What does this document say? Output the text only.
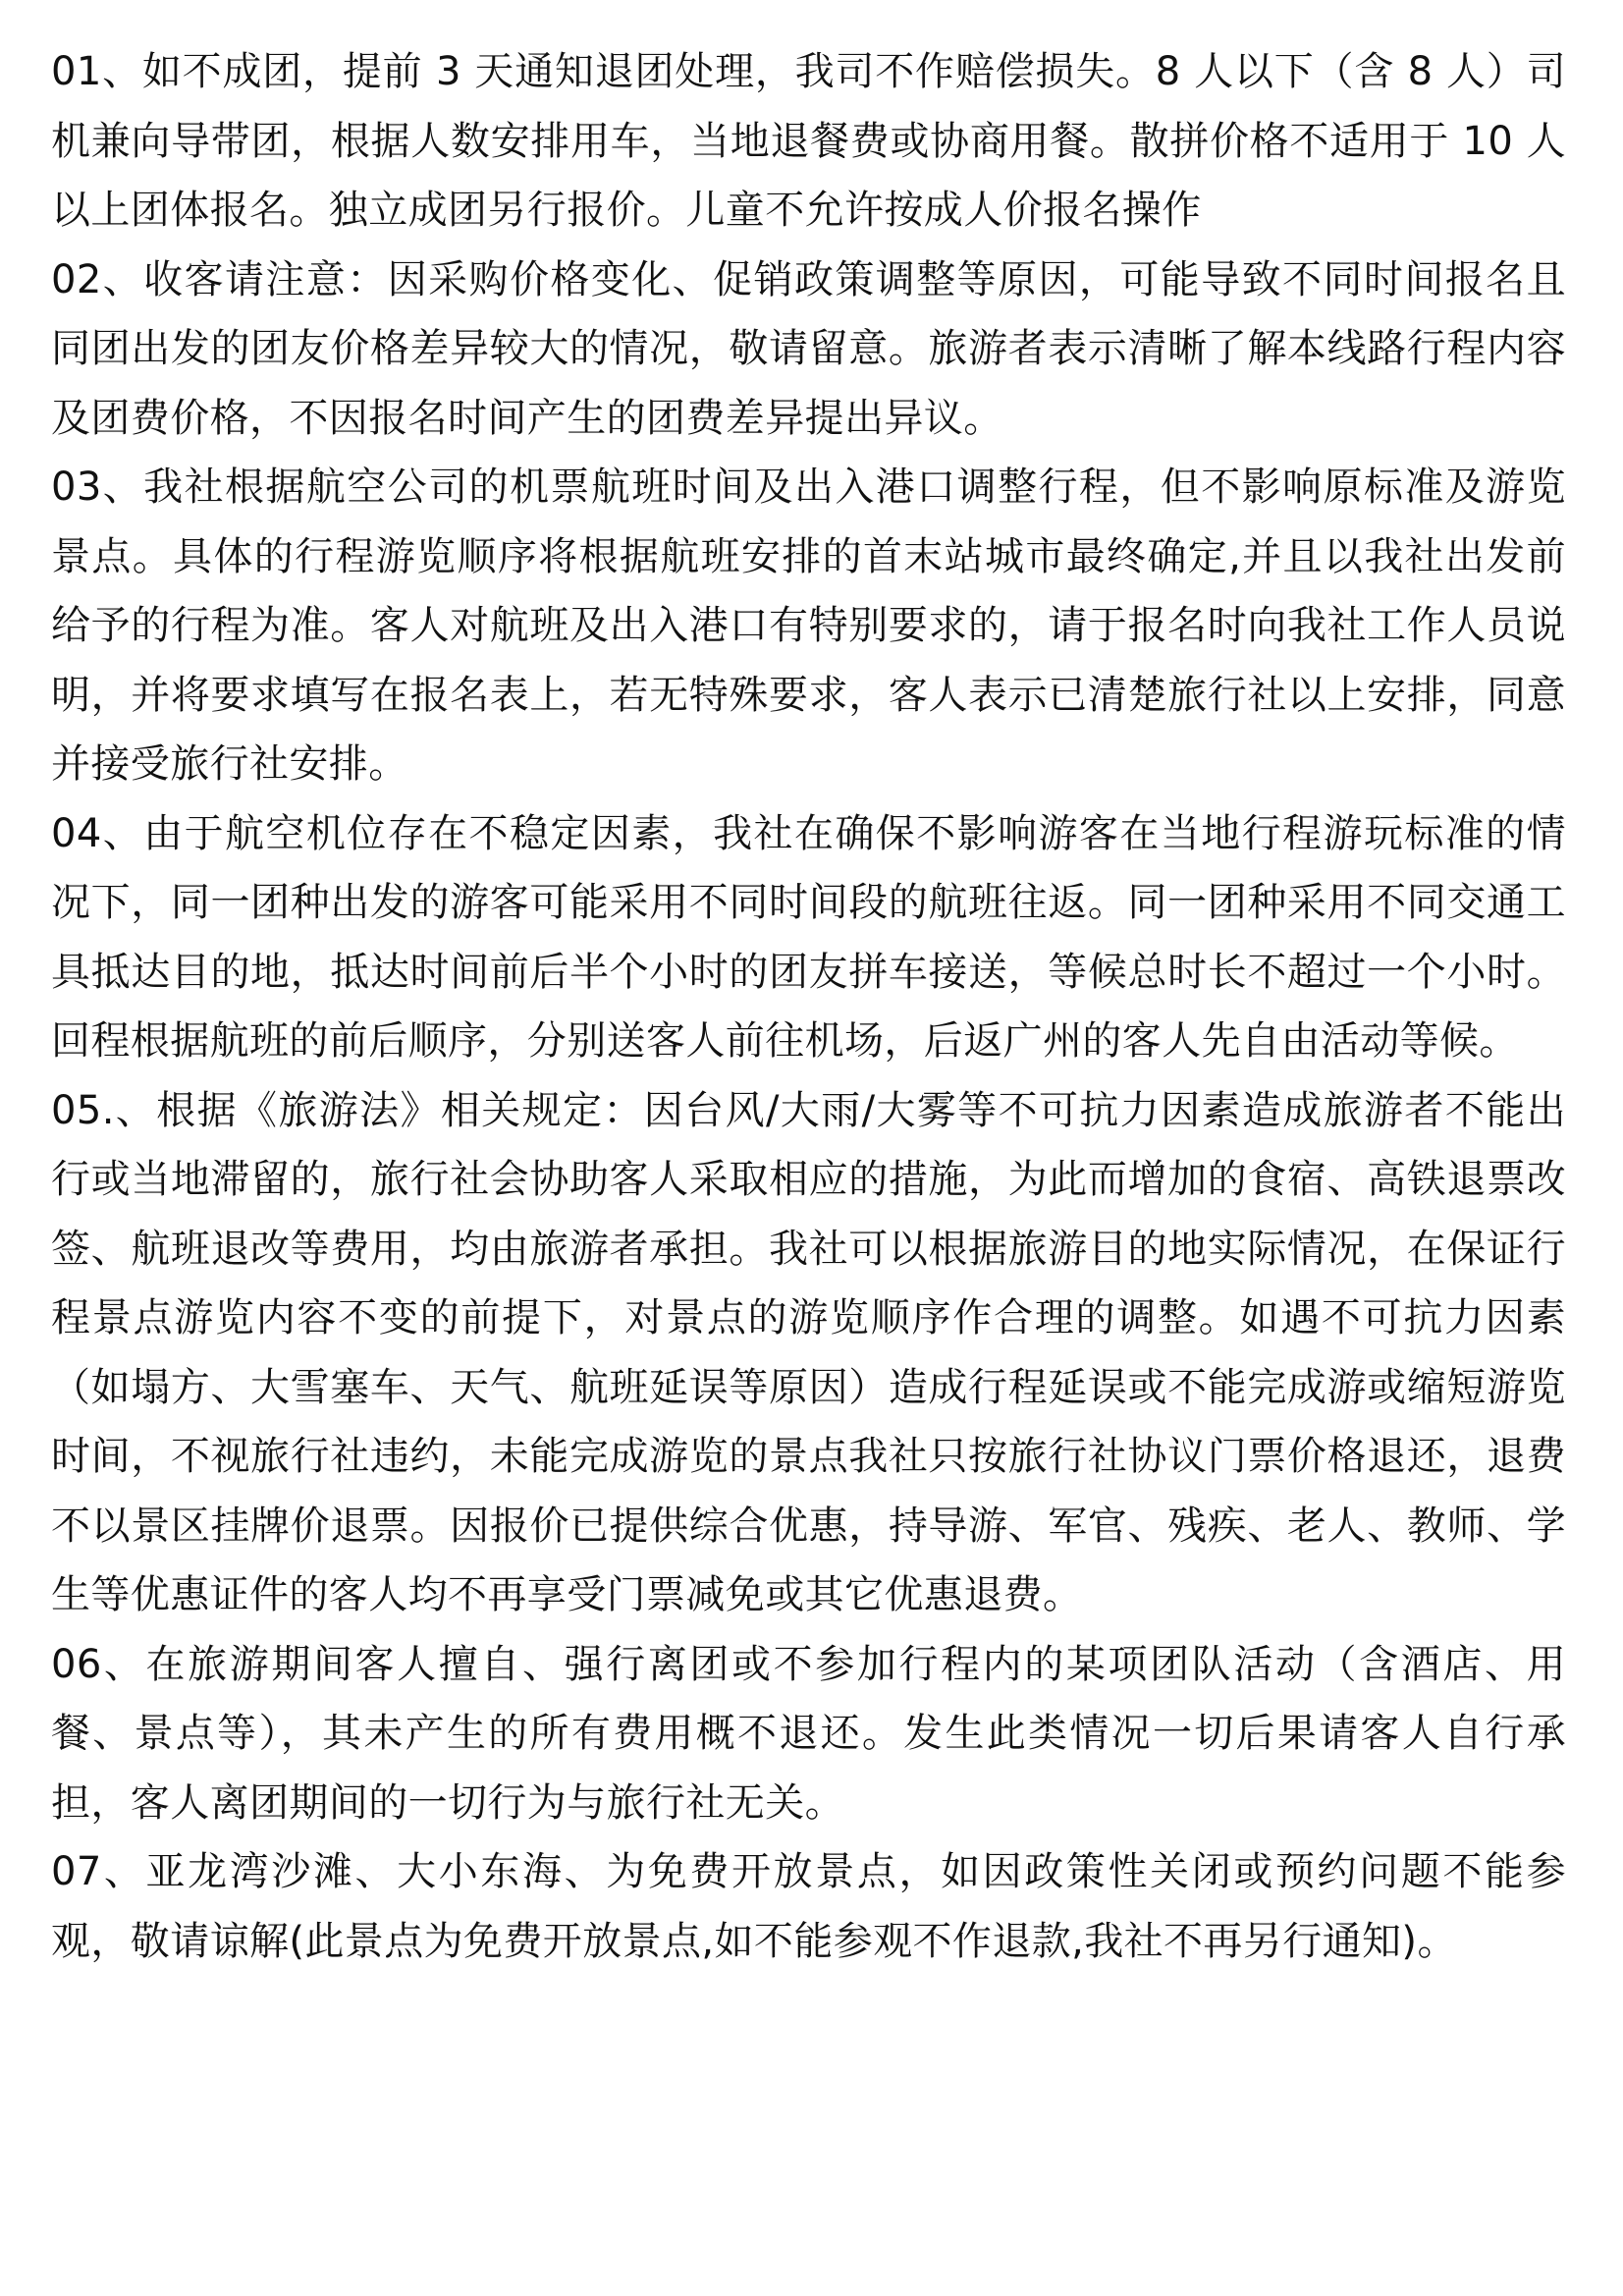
01、如不成团，提前 3 天通知退团处理，我司不作赔偿损失。8 人以下（含 8 人）司机兼向导带团，根据人数安排用车，当地退餐费或协商用餐。散拼价格不适用于 10 人以上团体报名。独立成团另行报价。儿童不允许按成人价报名操作

02、收客请注意：因采购价格变化、促销政策调整等原因，可能导致不同时间报名且同团出发的团友价格差异较大的情况，敬请留意。旅游者表示清晰了解本线路行程内容及团费价格，不因报名时间产生的团费差异提出异议。

03、我社根据航空公司的机票航班时间及出入港口调整行程，但不影响原标准及游览景点。具体的行程游览顺序将根据航班安排的首末站城市最终确定,并且以我社出发前给予的行程为准。客人对航班及出入港口有特别要求的，请于报名时向我社工作人员说明，并将要求填写在报名表上，若无特殊要求，客人表示已清楚旅行社以上安排，同意并接受旅行社安排。

04、由于航空机位存在不稳定因素，我社在确保不影响游客在当地行程游玩标准的情况下，同一团种出发的游客可能采用不同时间段的航班往返。同一团种采用不同交通工具抵达目的地，抵达时间前后半个小时的团友拼车接送，等候总时长不超过一个小时。回程根据航班的前后顺序，分别送客人前往机场，后返广州的客人先自由活动等候。

05.、根据《旅游法》相关规定：因台风/大雨/大雾等不可抗力因素造成旅游者不能出行或当地滞留的，旅行社会协助客人采取相应的措施，为此而增加的食宿、高铁退票改签、航班退改等费用，均由旅游者承担。我社可以根据旅游目的地实际情况，在保证行程景点游览内容不变的前提下，对景点的游览顺序作合理的调整。如遇不可抗力因素（如塌方、大雪塞车、天气、航班延误等原因）造成行程延误或不能完成游或缩短游览时间，不视旅行社违约，未能完成游览的景点我社只按旅行社协议门票价格退还，退费不以景区挂牌价退票。因报价已提供综合优惠，持导游、军官、残疾、老人、教师、学生等优惠证件的客人均不再享受门票减免或其它优惠退费。

06、在旅游期间客人擅自、强行离团或不参加行程内的某项团队活动（含酒店、用餐、景点等），其未产生的所有费用概不退还。发生此类情况一切后果请客人自行承担，客人离团期间的一切行为与旅行社无关。

07、亚龙湾沙滩、大小东海、为免费开放景点，如因政策性关闭或预约问题不能参观，敬请谅解(此景点为免费开放景点,如不能参观不作退款,我社不再另行通知)。
